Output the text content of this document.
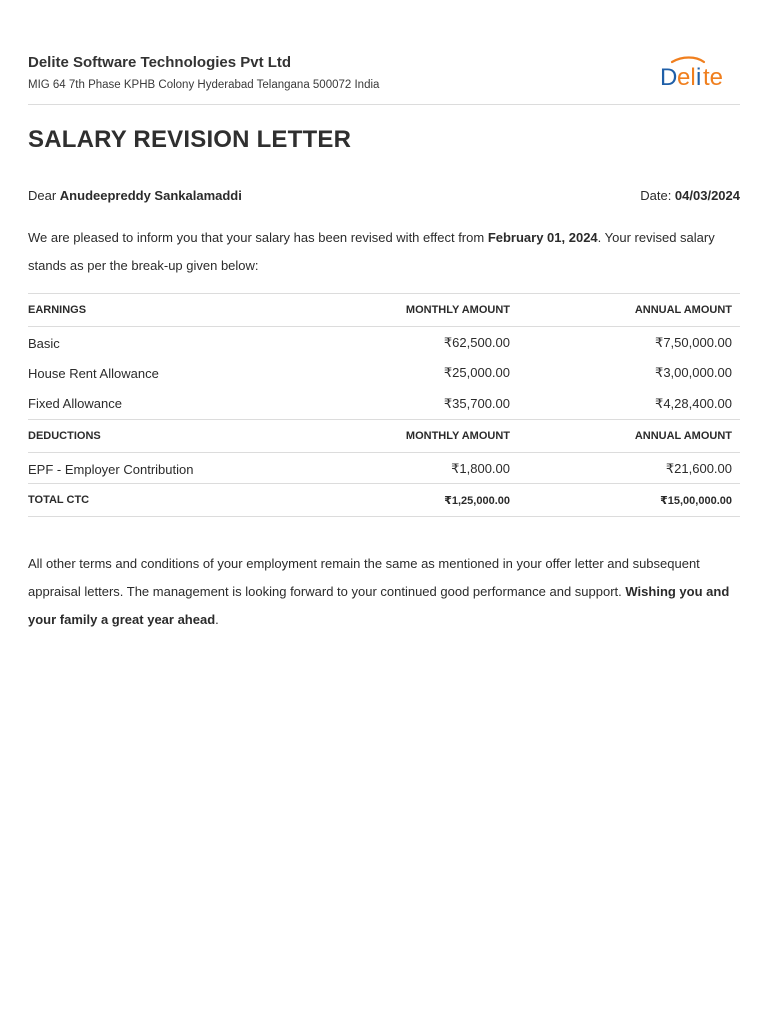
Delite Software Technologies Pvt Ltd
MIG 64 7th Phase KPHB Colony Hyderabad Telangana 500072 India	D el i te
SALARY REVISION LETTER
Dear Anudeepreddy Sankalamaddi	Date: 04/03/2024
We are pleased to inform you that your salary has been revised with effect from February 01, 2024. Your revised salary stands as per the break-up given below:
EARNINGS	MONTHLY AMOUNT	ANNUAL AMOUNT
Basic	₹62,500.00	₹7,50,000.00
House Rent Allowance	₹25,000.00	₹3,00,000.00
Fixed Allowance	₹35,700.00	₹4,28,400.00
DEDUCTIONS	MONTHLY AMOUNT	ANNUAL AMOUNT
EPF - Employer Contribution	₹1,800.00	₹21,600.00
TOTAL CTC	₹1,25,000.00	₹15,00,000.00
All other terms and conditions of your employment remain the same as mentioned in your offer letter and subsequent appraisal letters. The management is looking forward to your continued good performance and support. Wishing you and your family a great year ahead.
